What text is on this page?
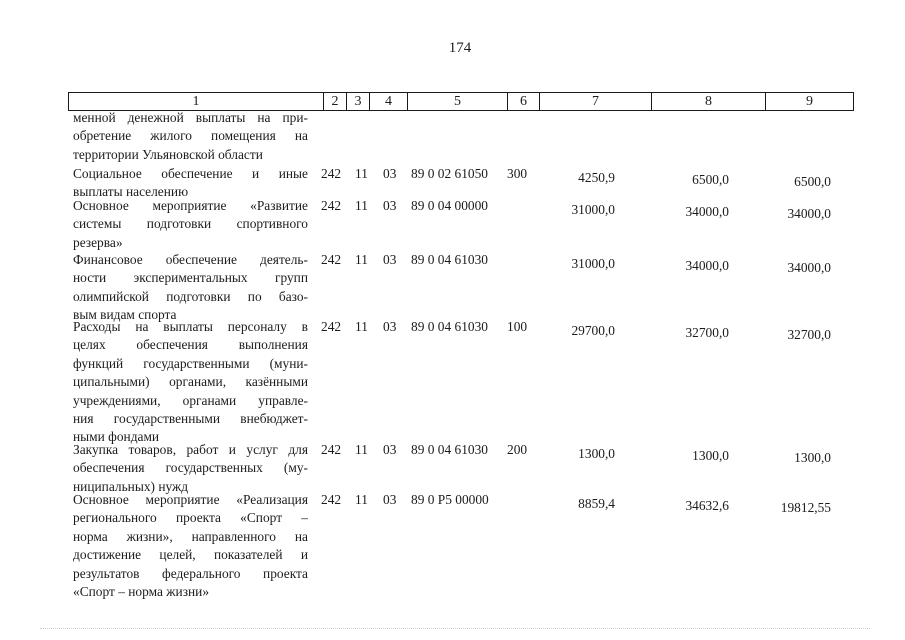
174
1	2	3	4	5	6	7	8	9
менной денежной выплаты на при-
обретение жилого помещения на
территории Ульяновской области
Социальное обеспечение и иные
выплаты населению
242 11 03 89 0 02 61050 300	4250,9	6500,0	6500,0
Основное мероприятие «Развитие
системы подготовки спортивного
резерва»
242 11 03 89 0 04 00000	31000,0	34000,0	34000,0
Финансовое обеспечение деятель-
ности экспериментальных групп
олимпийской подготовки по базо-
вым видам спорта
242 11 03 89 0 04 61030	31000,0	34000,0	34000,0
Расходы на выплаты персоналу в
целях обеспечения выполнения
функций государственными (муни-
ципальными) органами, казёнными
учреждениями, органами управле-
ния государственными внебюджет-
ными фондами
242 11 03 89 0 04 61030 100	29700,0	32700,0	32700,0
Закупка товаров, работ и услуг для
обеспечения государственных (му-
ниципальных) нужд
242 11 03 89 0 04 61030 200	1300,0	1300,0	1300,0
Основное мероприятие «Реализация
регионального проекта «Спорт –
норма жизни», направленного на
достижение целей, показателей и
результатов федерального проекта
«Спорт – норма жизни»
242 11 03 89 0 P5 00000	8859,4	34632,6	19812,55
